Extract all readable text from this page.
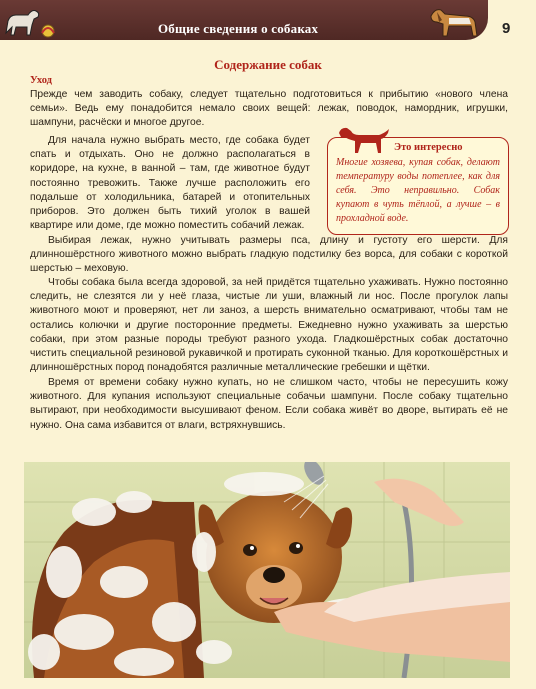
Общие сведения о собаках	9
Содержание собак
Уход

Прежде чем заводить собаку, следует тщательно подготовиться к прибытию «нового члена семьи». Ведь ему понадобится немало своих вещей: лежак, поводок, намордник, игрушки, шампуни, расчёски и многое другое.

Для начала нужно выбрать место, где собака будет спать и отдыхать. Оно не должно располагаться в коридоре, на кухне, в ванной – там, где животное будут постоянно тревожить. Также лучше расположить его подальше от холодильника, батарей и отопительных приборов. Это должен быть тихий уголок в вашей квартире или доме, где можно поместить собачий лежак.

Это интересно

Многие хозяева, купая собак, делают температуру воды потеплее, как для себя. Это неправильно. Собак купают в чуть тёплой, а лучше – в прохладной воде.

Выбирая лежак, нужно учитывать размеры пса, длину и густоту его шерсти. Для длинношёрстного животного можно выбрать гладкую подстилку без ворса, для собаки с короткой шерстью – меховую.

Чтобы собака была всегда здоровой, за ней придётся тщательно ухаживать. Нужно постоянно следить, не слезятся ли у неё глаза, чистые ли уши, влажный ли нос. После прогулок лапы животного моют и проверяют, нет ли заноз, а шерсть внимательно осматривают, чтобы там не остались колючки и другие посторонние предметы. Ежедневно нужно ухаживать за шерстью собаки, при этом разные породы требуют разного ухода. Гладкошёрстных собак достаточно чистить специальной резиновой рукавичкой и протирать суконной тканью. Для короткошёрстных и длинношёрстных пород понадобятся различные металлические гребешки и щётки.

Время от времени собаку нужно купать, но не слишком часто, чтобы не пересушить кожу животного. Для купания используют специальные собачьи шампуни. После собаку тщательно вытирают, при необходимости высушивают феном. Если собака живёт во дворе, вытирать её не нужно. Она сама избавится от влаги, встряхнувшись.
